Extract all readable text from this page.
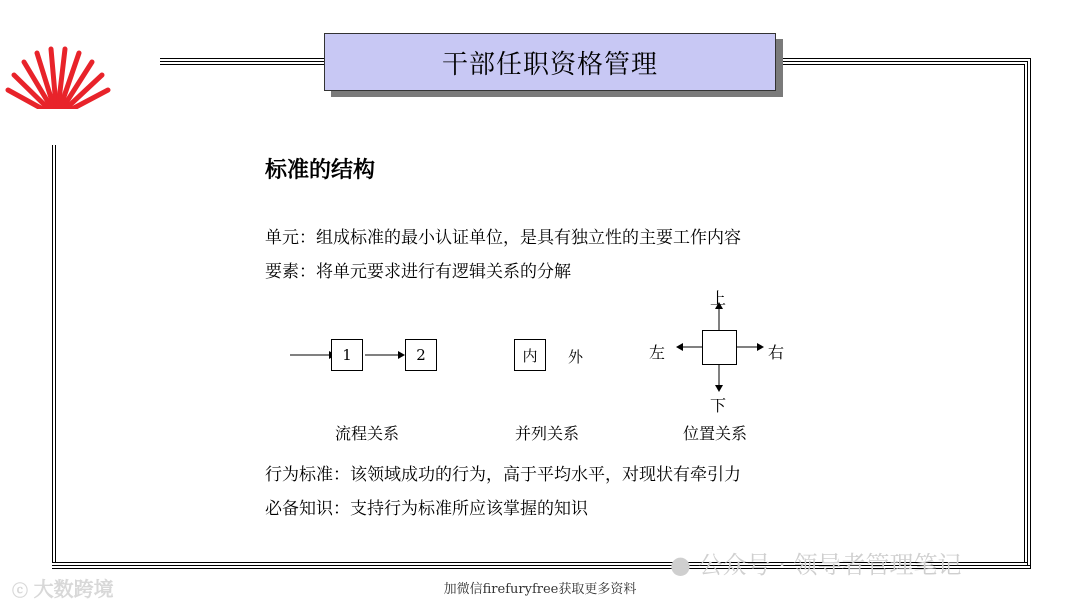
干部任职资格管理
标准的结构
单元：组成标准的最小认证单位，是具有独立性的主要工作内容
要素：将单元要求进行有逻辑关系的分解
1	2
流程关系
内	外
并列关系
上
下
左	右
位置关系
行为标准：该领域成功的行为，高于平均水平，对现状有牵引力
必备知识：支持行为标准所应该掌握的知识
ⓒ 大数跨境
● 公众号 · 领导者管理笔记
加微信firefuryfree获取更多资料
